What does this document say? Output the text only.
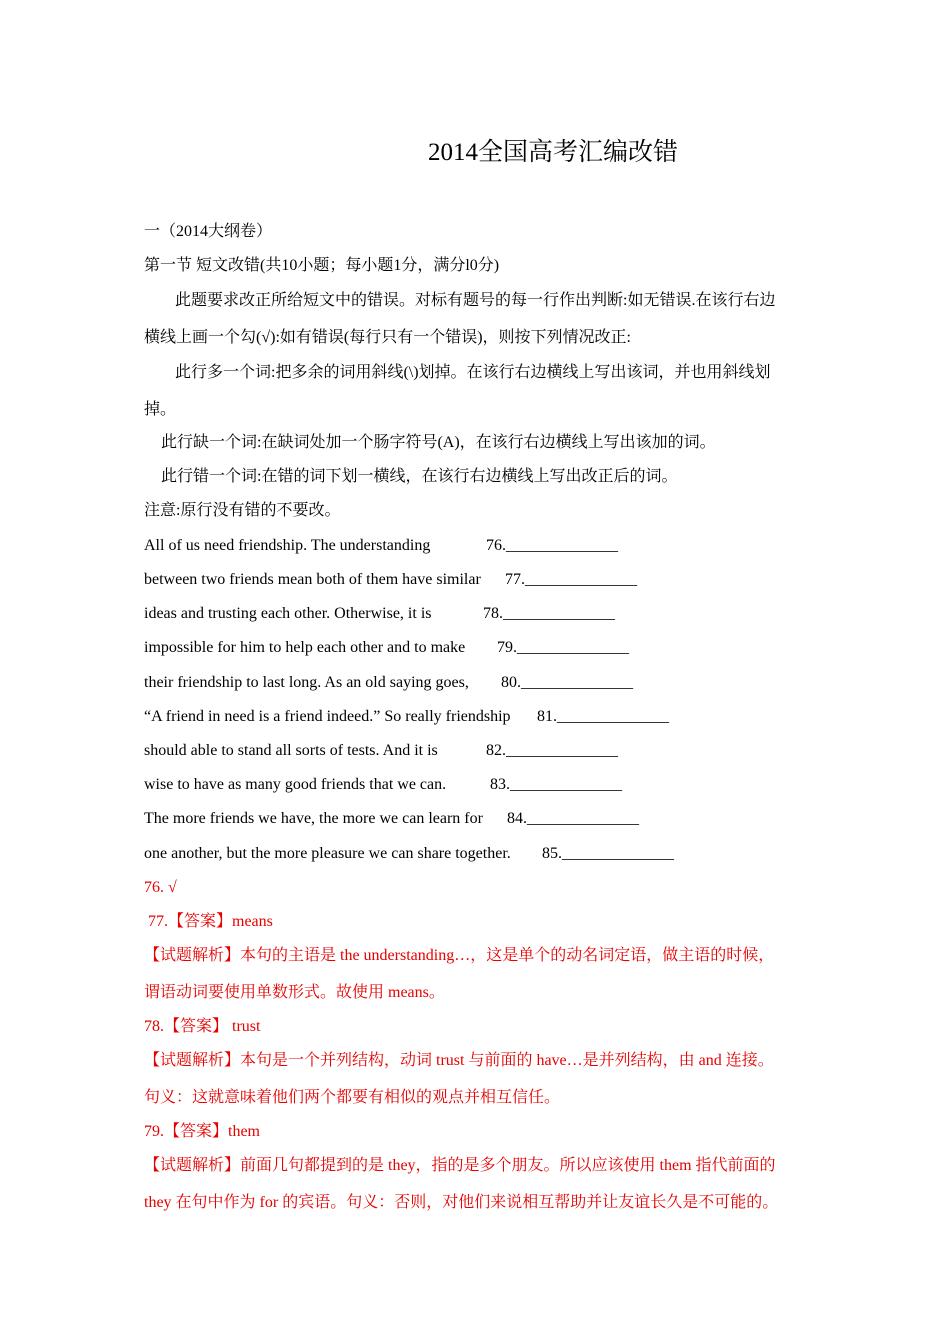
2014全国高考汇编改错
一（2014大纲卷）
第一节 短文改错(共10小题；每小题1分，满分l0分)
此题要求改正所给短文中的错误。对标有题号的每一行作出判断:如无错误.在该行右边
横线上画一个勾(√):如有错误(每行只有一个错误)，则按下列情况改正:
此行多一个词:把多余的词用斜线(\)划掉。在该行右边横线上写出该词，并也用斜线划
掉。
此行缺一个词:在缺词处加一个肠字符号(A)，在该行右边横线上写出该加的词。
此行错一个词:在错的词下划一横线，在该行右边横线上写出改正后的词。
注意:原行没有错的不要改。
All of us need friendship. The understanding	76.______________
between two friends mean both of them have similar 77.______________
ideas and trusting each other. Otherwise, it is	78.______________
impossible for him to help each other and to make 79.______________
their friendship to last long. As an old saying goes, 80.______________
“A friend in need is a friend indeed.” So really friendship 81.______________
should able to stand all sorts of tests. And it is	82.______________
wise to have as many good friends that we can.	83.______________
The more friends we have, the more we can learn for 84.______________
one another, but the more pleasure we can share together. 85.______________
76. √
77.【答案】means
【试题解析】本句的主语是 the understanding…，这是单个的动名词定语，做主语的时候，
谓语动词要使用单数形式。故使用 means。
78.【答案】 trust
【试题解析】本句是一个并列结构，动词 trust 与前面的 have…是并列结构，由 and 连接。
句义：这就意味着他们两个都要有相似的观点并相互信任。
79.【答案】them
【试题解析】前面几句都提到的是 they，指的是多个朋友。所以应该使用 them 指代前面的
they 在句中作为 for 的宾语。句义：否则，对他们来说相互帮助并让友谊长久是不可能的。
